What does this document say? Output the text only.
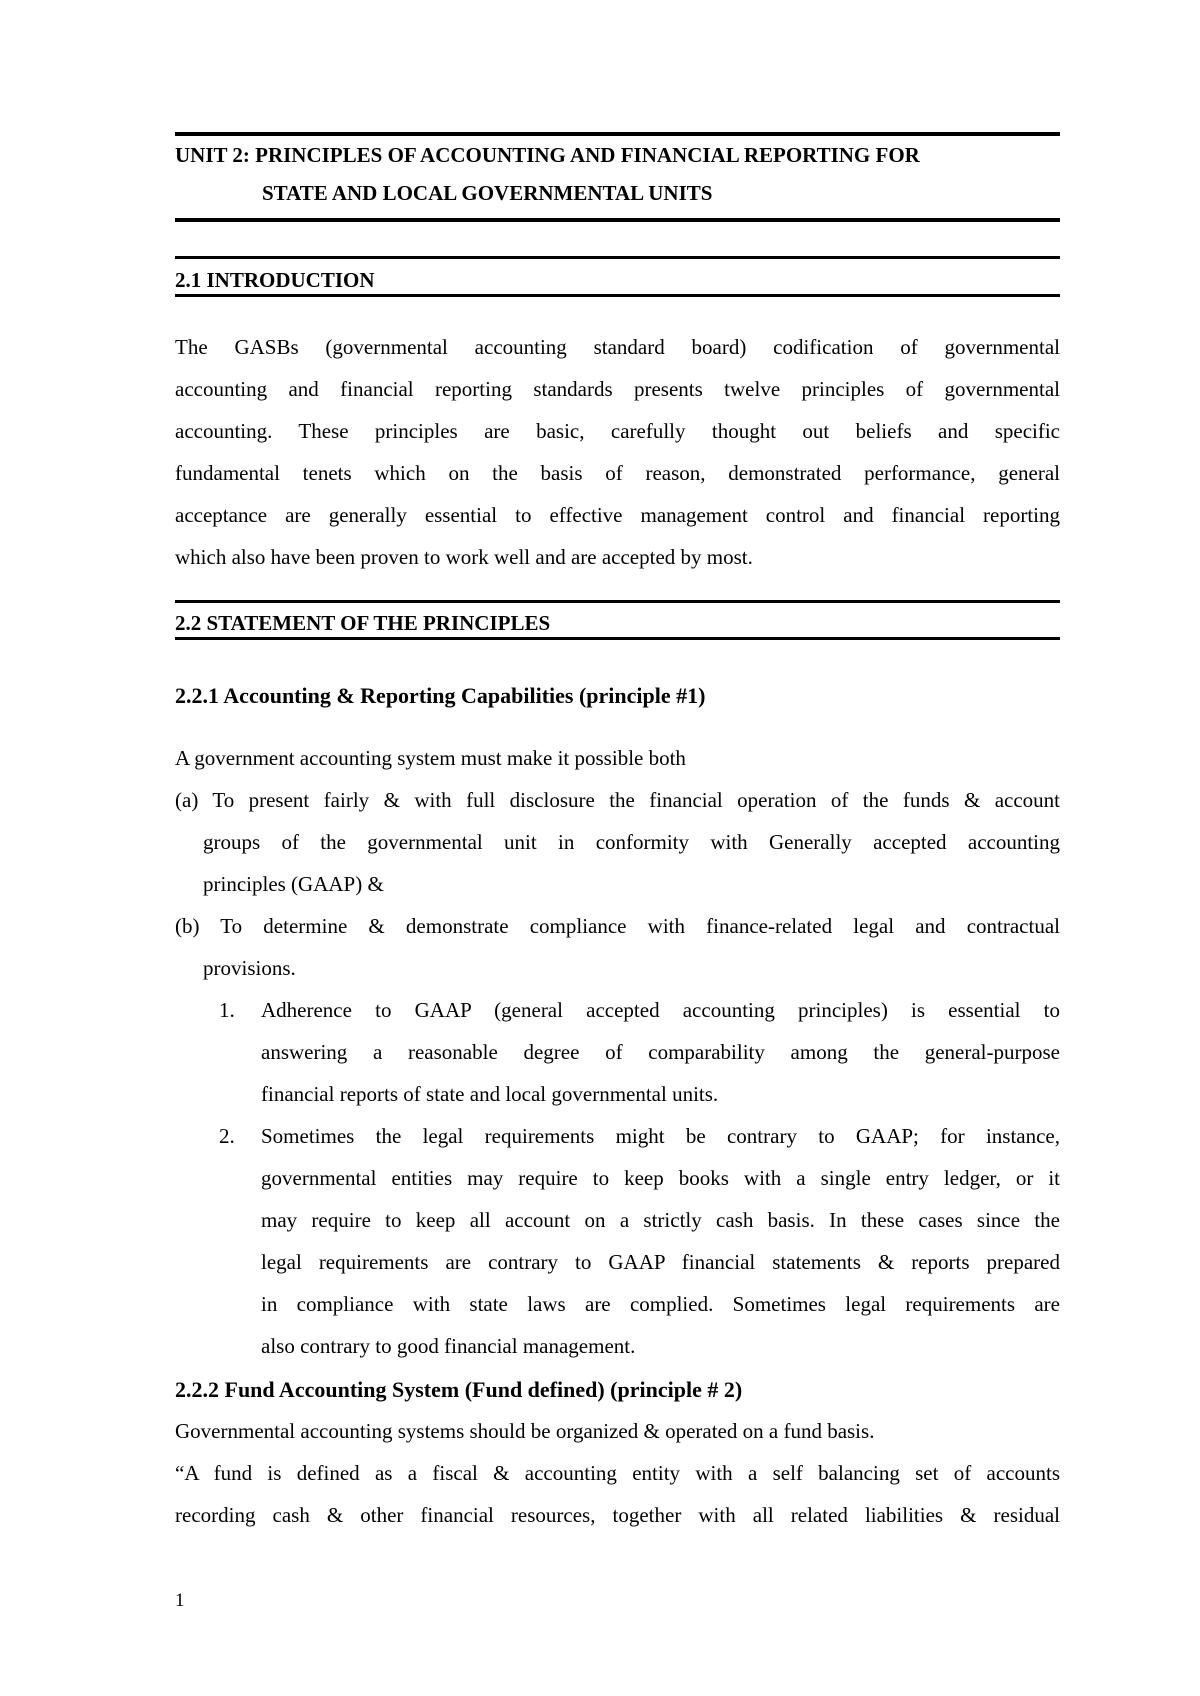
UNIT 2: PRINCIPLES OF ACCOUNTING AND FINANCIAL REPORTING FOR
STATE AND LOCAL GOVERNMENTAL UNITS
2.1 INTRODUCTION
The GASBs (governmental accounting standard board) codification of governmental
accounting and financial reporting standards presents twelve principles of governmental
accounting. These principles are basic, carefully thought out beliefs and specific
fundamental tenets which on the basis of reason, demonstrated performance, general
acceptance are generally essential to effective management control and financial reporting
which also have been proven to work well and are accepted by most.
2.2 STATEMENT OF THE PRINCIPLES
2.2.1 Accounting & Reporting Capabilities (principle #1)
A government accounting system must make it possible both
(a) To present fairly & with full disclosure the financial operation of the funds & account
groups of the governmental unit in conformity with Generally accepted accounting
principles (GAAP) &
(b) To determine & demonstrate compliance with finance-related legal and contractual
provisions.
1.	Adherence to GAAP (general accepted accounting principles) is essential to
answering a reasonable degree of comparability among the general-purpose
financial reports of state and local governmental units.
2.	Sometimes the legal requirements might be contrary to GAAP; for instance,
governmental entities may require to keep books with a single entry ledger, or it
may require to keep all account on a strictly cash basis. In these cases since the
legal requirements are contrary to GAAP financial statements & reports prepared
in compliance with state laws are complied. Sometimes legal requirements are
also contrary to good financial management.
2.2.2 Fund Accounting System (Fund defined) (principle # 2)
Governmental accounting systems should be organized & operated on a fund basis.
“A fund is defined as a fiscal & accounting entity with a self balancing set of accounts
recording cash & other financial resources, together with all related liabilities & residual
1
